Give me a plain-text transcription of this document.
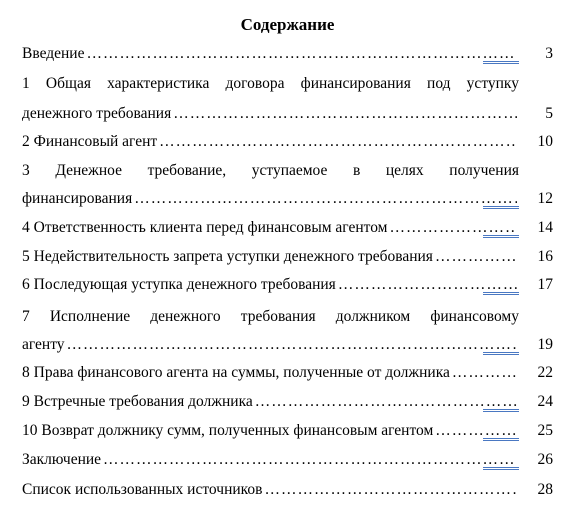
Содержание
Введение ………………………………………………………………………………………………………………………………………………………………………	3
1 Общая характеристика договора финансирования под уступку
денежного требования ………………………………………………………………………………………………………………………………………………………………………	5
2 Финансовый агент ………………………………………………………………………………………………………………………………………………………………………	10
3 Денежное требование, уступаемое в целях получения
финансирования ………………………………………………………………………………………………………………………………………………………………………	12
4 Ответственность клиента перед финансовым агентом ………………………………………………………………………………………………………………………………………………………………………	14
5 Недействительность запрета уступки денежного требования ………………………………………………………………………………………………………………………………………………………………………	16
6 Последующая уступка денежного требования ………………………………………………………………………………………………………………………………………………………………………	17
7 Исполнение денежного требования должником финансовому
агенту ………………………………………………………………………………………………………………………………………………………………………	19
8 Права финансового агента на суммы, полученные от должника ………………………………………………………………………………………………………………………………………………………………………	22
9 Встречные требования должника ………………………………………………………………………………………………………………………………………………………………………	24
10 Возврат должнику сумм, полученных финансовым агентом ………………………………………………………………………………………………………………………………………………………………………	25
Заключение ………………………………………………………………………………………………………………………………………………………………………	26
Список использованных источников ………………………………………………………………………………………………………………………………………………………………………	28
